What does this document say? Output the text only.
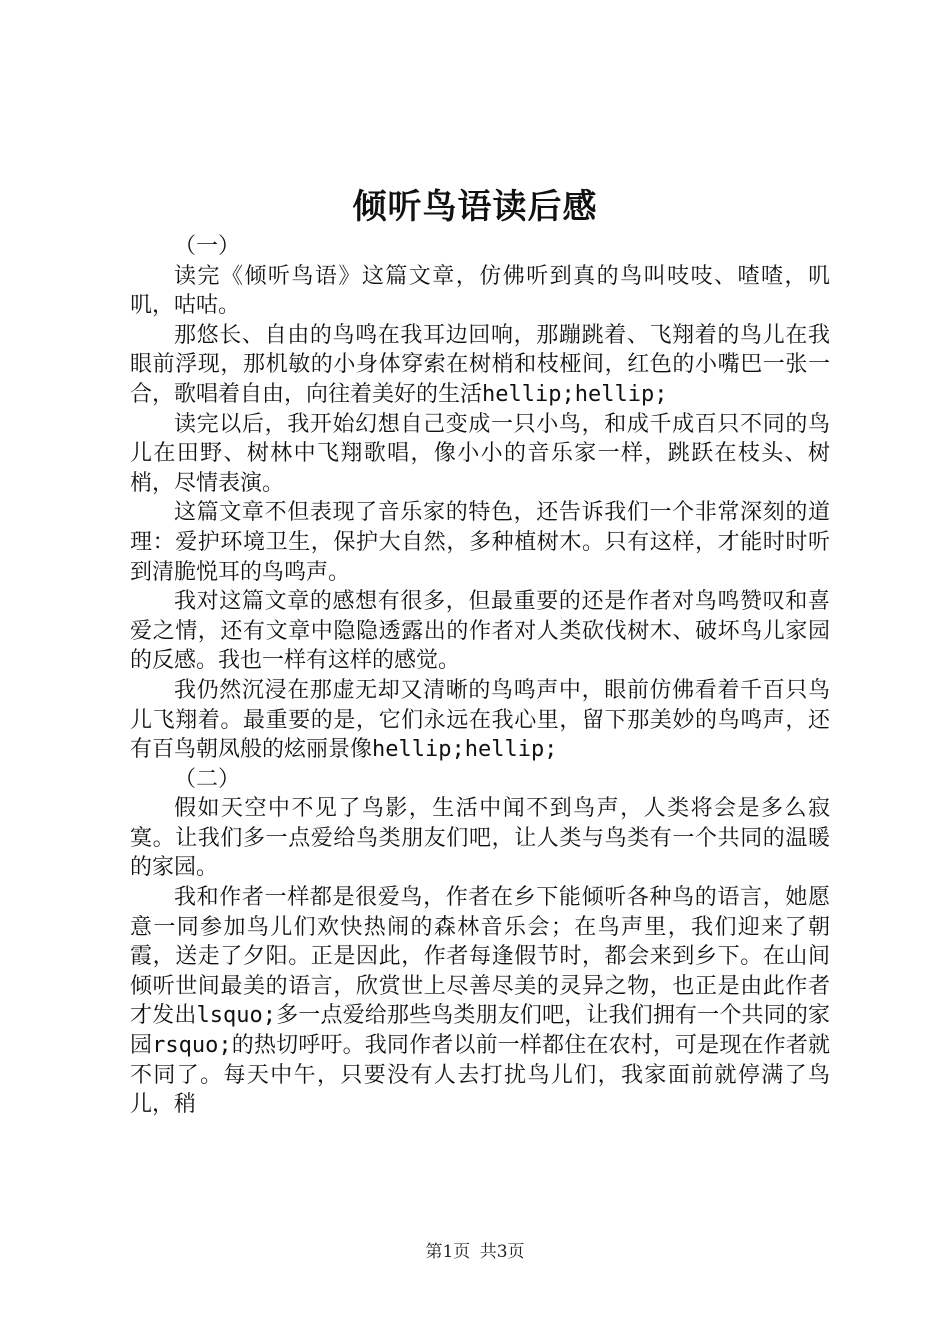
倾听鸟语读后感

（一）

读完《倾听鸟语》这篇文章，仿佛听到真的鸟叫吱吱、喳喳，叽叽，咕咕。

那悠长、自由的鸟鸣在我耳边回响，那蹦跳着、飞翔着的鸟儿在我眼前浮现，那机敏的小身体穿索在树梢和枝桠间，红色的小嘴巴一张一合，歌唱着自由，向往着美好的生活hellip;hellip;

读完以后，我开始幻想自己变成一只小鸟，和成千成百只不同的鸟儿在田野、树林中飞翔歌唱，像小小的音乐家一样，跳跃在枝头、树梢，尽情表演。

这篇文章不但表现了音乐家的特色，还告诉我们一个非常深刻的道理：爱护环境卫生，保护大自然，多种植树木。只有这样，才能时时听到清脆悦耳的鸟鸣声。

我对这篇文章的感想有很多，但最重要的还是作者对鸟鸣赞叹和喜爱之情，还有文章中隐隐透露出的作者对人类砍伐树木、破坏鸟儿家园的反感。我也一样有这样的感觉。

我仍然沉浸在那虚无却又清晰的鸟鸣声中，眼前仿佛看着千百只鸟儿飞翔着。最重要的是，它们永远在我心里，留下那美妙的鸟鸣声，还有百鸟朝凤般的炫丽景像hellip;hellip;

（二）

假如天空中不见了鸟影，生活中闻不到鸟声，人类将会是多么寂寞。让我们多一点爱给鸟类朋友们吧，让人类与鸟类有一个共同的温暖的家园。

我和作者一样都是很爱鸟，作者在乡下能倾听各种鸟的语言，她愿意一同参加鸟儿们欢快热闹的森林音乐会；在鸟声里，我们迎来了朝霞，送走了夕阳。正是因此，作者每逢假节时，都会来到乡下。在山间倾听世间最美的语言，欣赏世上尽善尽美的灵异之物，也正是由此作者才发出lsquo;多一点爱给那些鸟类朋友们吧，让我们拥有一个共同的家园rsquo;的热切呼吁。我同作者以前一样都住在农村，可是现在作者就不同了。每天中午，只要没有人去打扰鸟儿们，我家面前就停满了鸟儿，稍

第1页 共3页
